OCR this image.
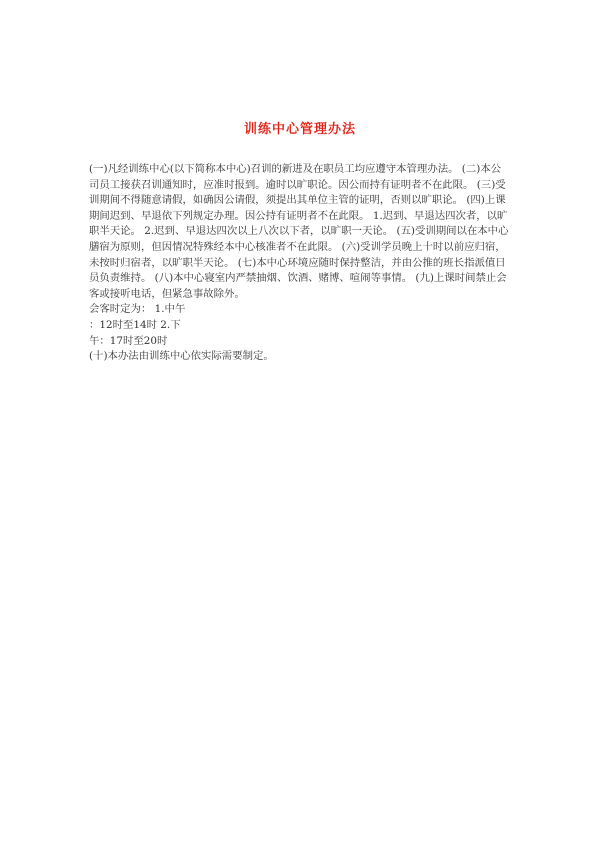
训练中心管理办法
(一)凡经训练中心(以下简称本中心)召训的新进及在职员工均应遵守本管理办法。 (二)本公
司员工接获召训通知时，应准时报到。逾时以旷职论。因公而持有证明者不在此限。 (三)受
训期间不得随意请假，如确因公请假，须提出其单位主管的证明，否则以旷职论。 (四)上课
期间迟到、早退依下列规定办理。因公持有证明者不在此限。 1.迟到、早退达四次者，以旷
职半天论。 2.迟到、早退达四次以上八次以下者，以旷职一天论。 (五)受训期间以在本中心
膳宿为原则，但因情况特殊经本中心核准者不在此限。 (六)受训学员晚上十时以前应归宿，
未按时归宿者，以旷职半天论。 (七)本中心环境应随时保持整洁，并由公推的班长指派值日
员负责维持。 (八)本中心寝室内严禁抽烟、饮酒、赌博、喧闹等事情。 (九)上课时间禁止会
客或接听电话，但紧急事故除外。
会客时定为： 1.中午
：12时至14时 2.下
午：17时至20时
(十)本办法由训练中心依实际需要制定。
